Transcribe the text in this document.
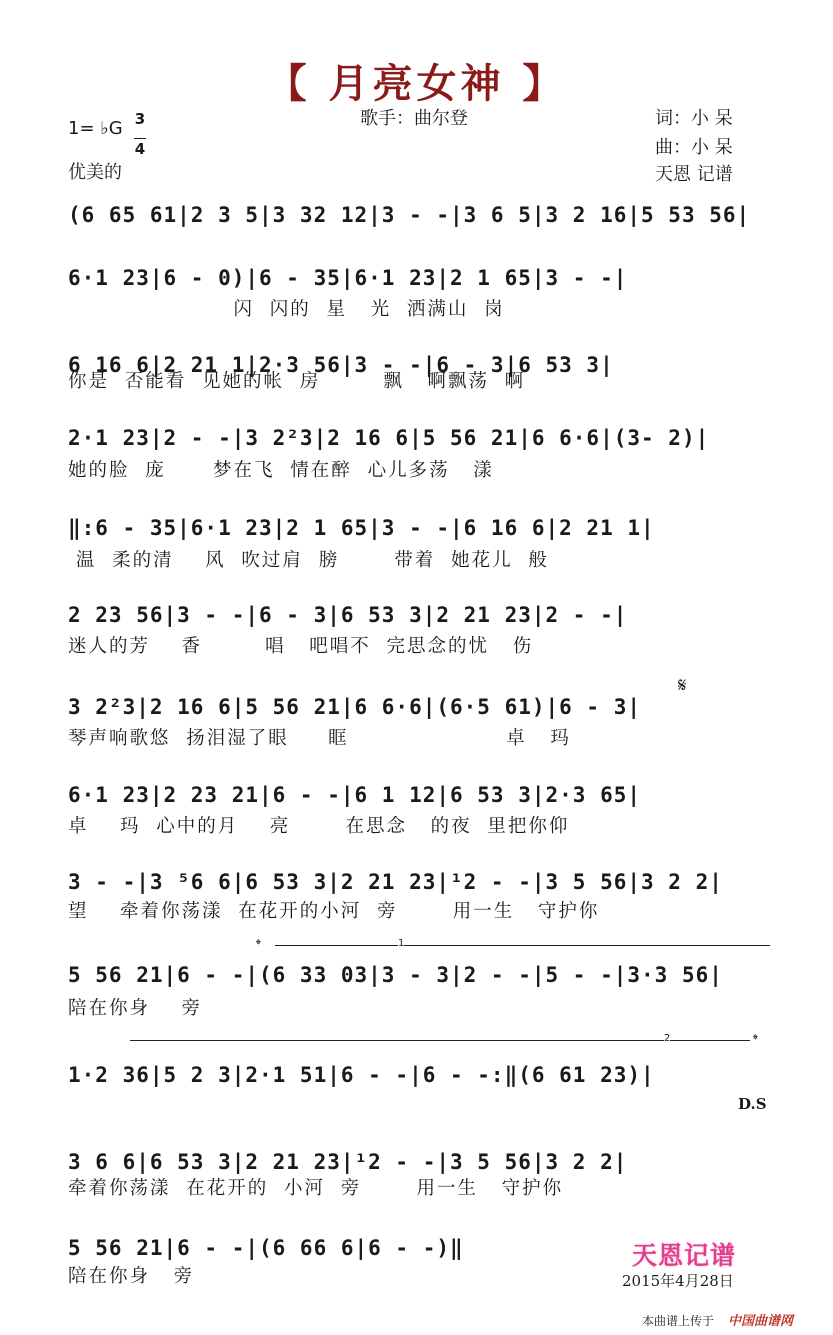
【 月亮女神 】
1= ♭G 3

4
优美的
歌手：曲尔登	词：小 呆
曲：小 呆
天恩 记谱
(6 65 61|2 3 5|3 32 12|3 - -|3 6 5|3 2 16|5 53 56|
6·1 23|6 - 0)|6 - 35|6·1 23|2 1 65|3 - -|
闪  闪的  星   光  洒满山  岗
6 16 6|2 21 1|2·3 56|3 - -|6 - 3|6 53 3|
你是  否能看  见她的帐  房        飘   啊飘荡  啊
2·1 23|2 - -|3 2²3|2 16 6|5 56 21|6 6·6|(3- 2)|
她的脸  庞      梦在飞  情在醉  心儿多荡   漾
‖:6 - 35|6·1 23|2 1 65|3 - -|6 16 6|2 21 1|
温  柔的清    风  吹过肩  膀       带着  她花儿  般
2 23 56|3 - -|6 - 3|6 53 3|2 21 23|2 - -|
迷人的芳    香        唱   吧唱不  完思念的忧   伤
3 2²3|2 16 6|5 56 21|6 6·6|(6·5 61)|6 - 3|
琴声响歌悠  扬泪湿了眼     眶                    卓   玛
6·1 23|2 23 21|6 - -|6 1 12|6 53 3|2·3 65|
卓    玛  心中的月    亮       在思念   的夜  里把你仰
3 - -|3 ⁵6 6|6 53 3|2 21 23|¹2 - -|3 5 56|3 2 2|
望    牵着你荡漾  在花开的小河  旁       用一生   守护你
5 56 21|6 - -|(6 33 03|3 - 3|2 - -|5 - -|3·3 56|
陪在你身    旁
1·2 36|5 2 3|2·1 51|6 - -|6 - -:‖(6 61 23)|
3 6 6|6 53 3|2 21 23|¹2 - -|3 5 56|3 2 2|
牵着你荡漾  在花开的  小河  旁       用一生   守护你
5 56 21|6 - -|(6 66 6|6 - -)‖
陪在你身   旁
𝄋
𝄌	1
2	𝄌
D.S
天恩记谱
2015年4月28日
本曲谱上传于 中国曲谱网
